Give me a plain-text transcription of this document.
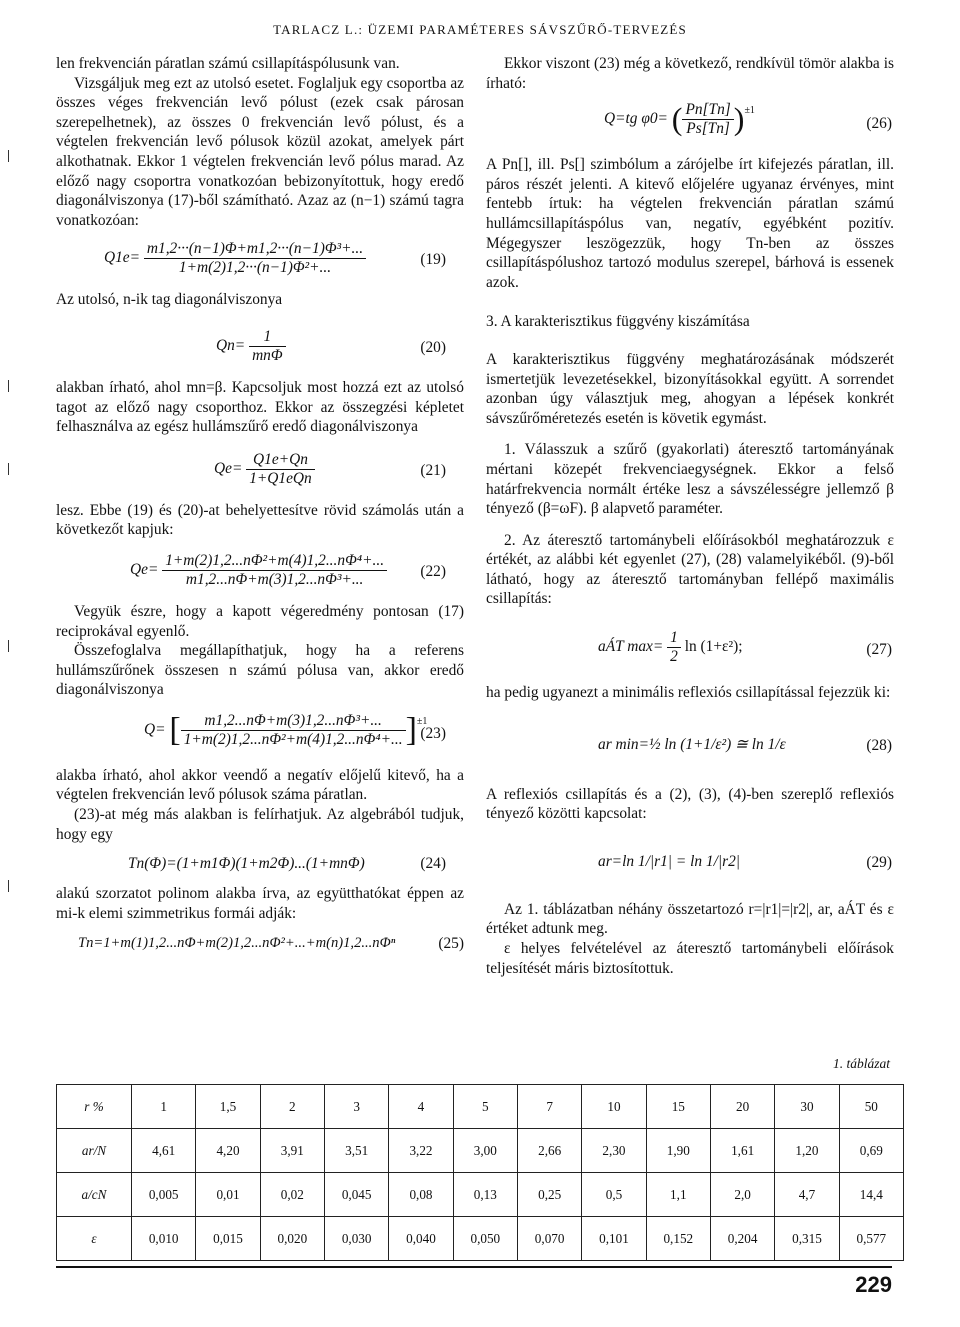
TARLACZ L.: ÜZEMI PARAMÉTERES SÁVSZŰRŐ-TERVEZÉS

len frekvencián páratlan számú csillapításpólusunk van.

Vizsgáljuk meg ezt az utolsó esetet. Foglaljuk egy csoportba az összes véges frekvencián levő pólust (ezek csak párosan szerepelhetnek), az összes 0 frekvencián levő pólust, és a végtelen frekvencián levő pólusok közül azokat, amelyek párt alkothatnak. Ekkor 1 végtelen frekvencián levő pólus marad. Az előző nagy csoportra vonatkozóan bebizonyítottuk, hogy eredő diagonálviszonya (17)-ből számítható. Azaz az (n−1) számú tagra vonatkozóan:

$Q1e= \frac{\text{m1,2···(n−1)Φ+m1,2···(n−1)Φ³+...}}{\text{1+m(2)1,2···(n−1)Φ²+...}}$	(19)

Az utolsó, n-ik tag diagonálviszonya

$Qn= \frac{1}{\text{mnΦ}}$	(20)

alakban írható, ahol mn=β. Kapcsoljuk most hozzá ezt az utolsó tagot az előző nagy csoporthoz. Ekkor az összegzési képletet felhasználva az egész hullámszűrő eredő diagonálviszonya

$Qe= \frac{Q1e+Qn}{\text{1+Q1eQn}}$	(21)

lesz. Ebbe (19) és (20)-at behelyettesítve rövid számolás után a következőt kapjuk:

$Qe= \frac{\text{1+m(2)1,2...nΦ²+m(4)1,2...nΦ⁴+...}}{\text{m1,2...nΦ+m(3)1,2...nΦ³+...}} (22)$

Vegyük észre, hogy a kapott végeredmény pontosan (17) reciprokával egyenlő.

Összefoglalva megállapíthatjuk, hogy ha a referens hullámszűrőnek összesen n számú pólusa van, akkor eredő diagonálviszonya

Q= [ $\frac{\text{m1,2...nΦ+m(3)1,2...nΦ³+...}}{\text{1+m(2)1,2...nΦ²+m(4)1,2...nΦ⁴+...}} ]^{\pm 1}$
(23)

alakba írható, ahol akkor veendő a negatív előjelű kitevő, ha a végtelen frekvencián levő pólusok száma páratlan.

(23)-at még más alakban is felírhatjuk. Az algebrából tudjuk, hogy egy

Tn(Φ)=(1+m1Φ)(1+m2Φ)...(1+mnΦ)	(24)

alakú szorzatot polinom alakba írva, az együtthatókat éppen az mi-k elemi szimmetrikus formái adják:

Tn=1+m(1)1,2...nΦ+m(2)1,2...nΦ²+...+m(n)1,2...nΦⁿ	(25)

Ekkor viszont (23) még a következő, rendkívül tömör alakba is írható:

Q=tg φ0= ( $\frac{Pn[Tn]}{Ps[Tn]} )^{\pm 1}$
(26)

A Pn[], ill. Ps[] szimbólum a zárójelbe írt kifejezés páratlan, ill. páros részét jelenti. A kitevő előjelére ugyanaz érvényes, mint fentebb írtuk: ha végtelen frekvencián páratlan számú hullámcsillapításpólus van, negatív, egyébként pozitív. Mégegyszer leszögezzük, hogy Tn-ben az összes csillapításpólushoz tartozó modulus szerepel, bárhová is essenek azok.

3. A karakterisztikus függvény kiszámítása

A karakterisztikus függvény meghatározásának módszerét ismertetjük levezetésekkel, bizonyításokkal együtt. A sorrendet azonban úgy választjuk meg, ahogyan a lépések konkrét sávszűrőméretezés esetén is követik egymást.

1. Válasszuk a szűrő (gyakorlati) áteresztő tartományának mértani közepét frekvenciaegységnek. Ekkor a felső határfrekvencia normált értéke lesz a sávszélességre jellemző β tényező (β=ωF). β alapvető paraméter.

2. Az áteresztő tartománybeli előírásokból meghatározzuk ε értékét, az alábbi két egyenlet (27), (28) valamelyikéből. (9)-ből látható, hogy az áteresztő tartományban fellépő maximális csillapítás:

aÁT $\max= \frac{1}{2}$ ln (1+ε²);	(27)

ha pedig ugyanezt a minimális reflexiós csillapítással fejezzük ki:

ar min=½ ln (1+1/ε²) ≅ ln 1/ε	(28)

A reflexiós csillapítás és a (2), (3), (4)-ben szereplő reflexiós tényező közötti kapcsolat:

ar=ln 1/|r1| = ln 1/|r2|	(29)

Az 1. táblázatban néhány összetartozó r=|r1|=|r2|, ar, aÁT és ε értéket adtunk meg.

ε helyes felvételével az áteresztő tartománybeli előírások teljesítését máris biztosítottuk.

1. táblázat
r %	1	1,5	2	3	4	5	7	10	15	20	30	50
ar/N	4,61	4,20	3,91	3,51	3,22	3,00	2,66	2,30	1,90	1,61	1,20	0,69
a/cN	0,005	0,01	0,02	0,045	0,08	0,13	0,25	0,5	1,1	2,0	4,7	14,4
ε	0,010	0,015	0,020	0,030	0,040	0,050	0,070	0,101	0,152	0,204	0,315	0,577
229
